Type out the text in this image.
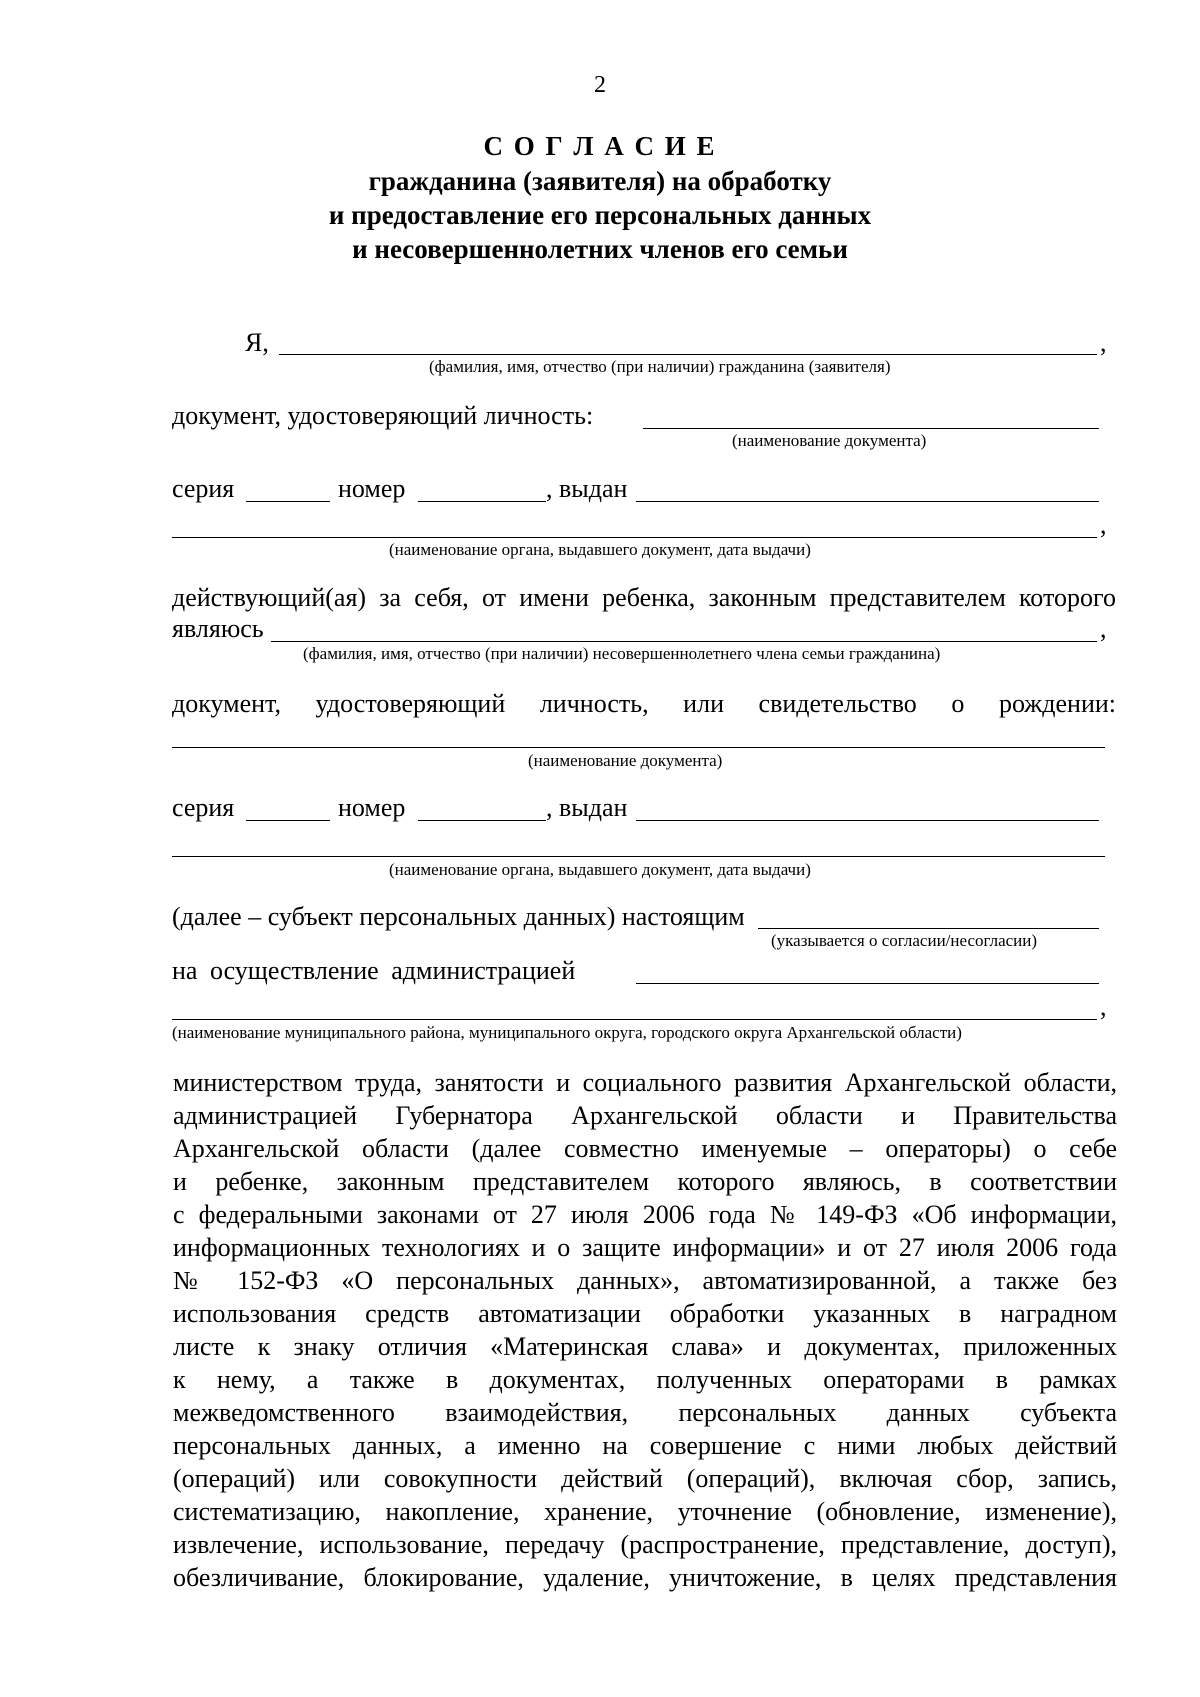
2
С О Г Л А С И Е
гражданина (заявителя) на обработку
и предоставление его персональных данных
и несовершеннолетних членов его семьи
Я,	,
(фамилия, имя, отчество (при наличии) гражданина (заявителя)
документ, удостоверяющий личность:
(наименование документа)
серия	номер	, выдан
,
(наименование органа, выдавшего документ, дата выдачи)
действующий(ая) за себя, от имени ребенка, законным представителем которого
являюсь	,
(фамилия, имя, отчество (при наличии) несовершеннолетнего члена семьи гражданина)
документ, удостоверяющий личность, или свидетельство о рождении:
(наименование документа)
серия	номер	, выдан
(наименование органа, выдавшего документ, дата выдачи)
(далее – субъект персональных данных) настоящим
(указывается о согласии/несогласии)
на осуществление администрацией
,
(наименование муниципального района, муниципального округа, городского округа Архангельской области)
министерством труда, занятости и социального развития Архангельской области,
администрацией Губернатора Архангельской области и Правительства
Архангельской области (далее совместно именуемые – операторы) о себе
и ребенке, законным представителем которого являюсь, в соответствии
с федеральными законами от 27 июля 2006 года № 149-ФЗ «Об информации,
информационных технологиях и о защите информации» и от 27 июля 2006 года
№ 152-ФЗ «О персональных данных», автоматизированной, а также без
использования средств автоматизации обработки указанных в наградном
листе к знаку отличия «Материнская слава» и документах, приложенных
к нему, а также в документах, полученных операторами в рамках
межведомственного взаимодействия, персональных данных субъекта
персональных данных, а именно на совершение с ними любых действий
(операций) или совокупности действий (операций), включая сбор, запись,
систематизацию, накопление, хранение, уточнение (обновление, изменение),
извлечение, использование, передачу (распространение, представление, доступ),
обезличивание, блокирование, удаление, уничтожение, в целях представления
